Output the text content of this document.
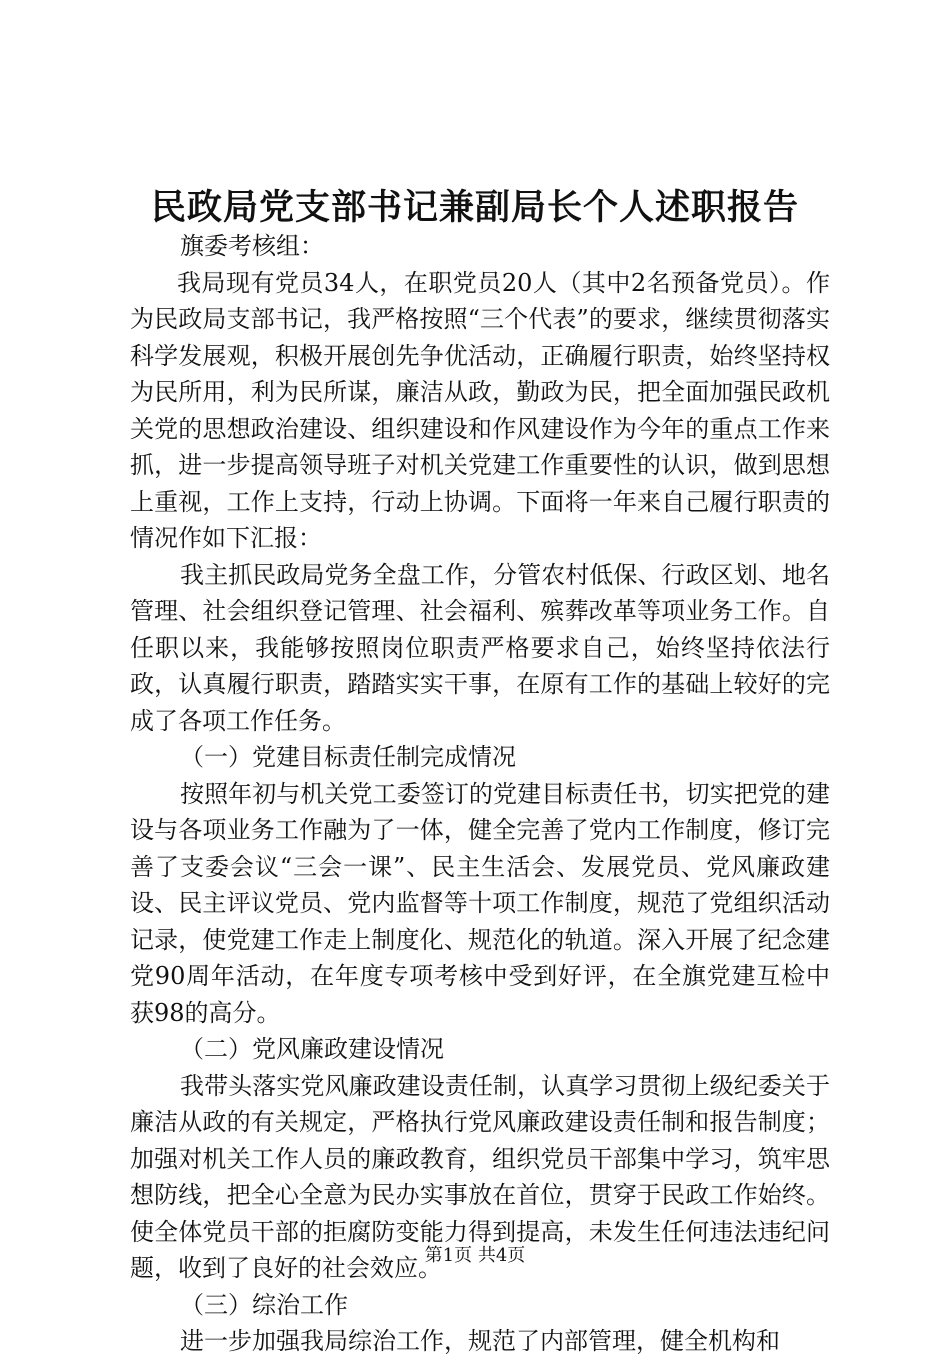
民政局党支部书记兼副局长个人述职报告

旗委考核组：

我局现有党员34人，在职党员20人（其中2名预备党员）。作为民政局支部书记，我严格按照“三个代表”的要求，继续贯彻落实科学发展观，积极开展创先争优活动，正确履行职责，始终坚持权为民所用，利为民所谋，廉洁从政，勤政为民，把全面加强民政机关党的思想政治建设、组织建设和作风建设作为今年的重点工作来抓，进一步提高领导班子对机关党建工作重要性的认识，做到思想上重视，工作上支持，行动上协调。下面将一年来自己履行职责的情况作如下汇报：

我主抓民政局党务全盘工作，分管农村低保、行政区划、地名管理、社会组织登记管理、社会福利、殡葬改革等项业务工作。自任职以来，我能够按照岗位职责严格要求自己，始终坚持依法行政，认真履行职责，踏踏实实干事，在原有工作的基础上较好的完成了各项工作任务。

（一）党建目标责任制完成情况

按照年初与机关党工委签订的党建目标责任书，切实把党的建设与各项业务工作融为了一体，健全完善了党内工作制度，修订完善了支委会议“三会一课”、民主生活会、发展党员、党风廉政建设、民主评议党员、党内监督等十项工作制度，规范了党组织活动记录，使党建工作走上制度化、规范化的轨道。深入开展了纪念建党90周年活动，在年度专项考核中受到好评，在全旗党建互检中获98的高分。

（二）党风廉政建设情况

我带头落实党风廉政建设责任制，认真学习贯彻上级纪委关于廉洁从政的有关规定，严格执行党风廉政建设责任制和报告制度；加强对机关工作人员的廉政教育，组织党员干部集中学习，筑牢思想防线，把全心全意为民办实事放在首位，贯穿于民政工作始终。使全体党员干部的拒腐防变能力得到提高，未发生任何违法违纪问题，收到了良好的社会效应。

（三）综治工作

进一步加强我局综治工作，规范了内部管理，健全机构和

第1页 共4页
